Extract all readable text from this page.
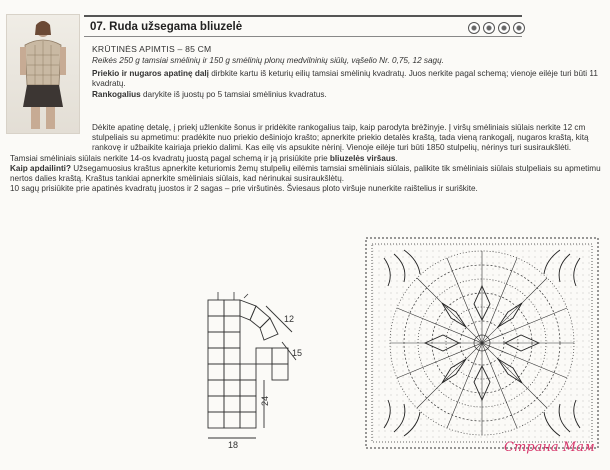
07. Ruda užsegama bliuzelė

KRŪTINĖS APIMTIS – 85 CM

Reikės 250 g tamsiai smėlinių ir 150 g smėlinių plonų medvilninių siūlų, vąšelio Nr. 0,75, 12 sagų.

Priekio ir nugaros apatinę dalį dirbkite kartu iš keturių eilių tamsiai smėlinių kvadratų. Juos nerkite pagal schemą; vienoje eilėje turi būti 11 kvadratų.

Rankogalius darykite iš juostų po 5 tamsiai smėlinius kvadratus.

Dėkite apatinę detalę, į priekį užlenkite šonus ir pridėkite rankogalius taip, kaip parodyta brėžinyje. Į viršų smėliniais siūlais nerkite 12 cm stulpeliais su apmetimu: pradėkite nuo priekio dešiniojo krašto; apnerkite priekio detalės kraštą, tada vieną rankogalį, nugaros kraštą, kitą rankovę ir užbaikite kairiaja priekio dalimi. Kas eilę vis apsukite nėrinį. Vienoje eilėje turi būti 1850 stulpelių, nėrinys turi susiraukšlėti.

Tamsiai smėliniais siūlais nerkite 14-os kvadratų juostą pagal schemą ir ją prisiūkite prie bliuzelės viršaus.

Kaip apdailinti? Užsegamuosius kraštus apnerkite keturiomis žemų stulpelių eilėmis tamsiai smėliniais siūlais, palikite tik smėliniais siūlais stulpeliais su apmetimu nertos dalies kraštą. Kraštus tankiai apnerkite smėliniais siūlais, kad nėrinukai susiraukšlėtų.

10 sagų prisiūkite prie apatinės kvadratų juostos ir 2 sagas – prie viršutinės. Šviesaus ploto viršuje nunerkite raištelius ir suriškite.

18
24
12
15
Страна Мам
